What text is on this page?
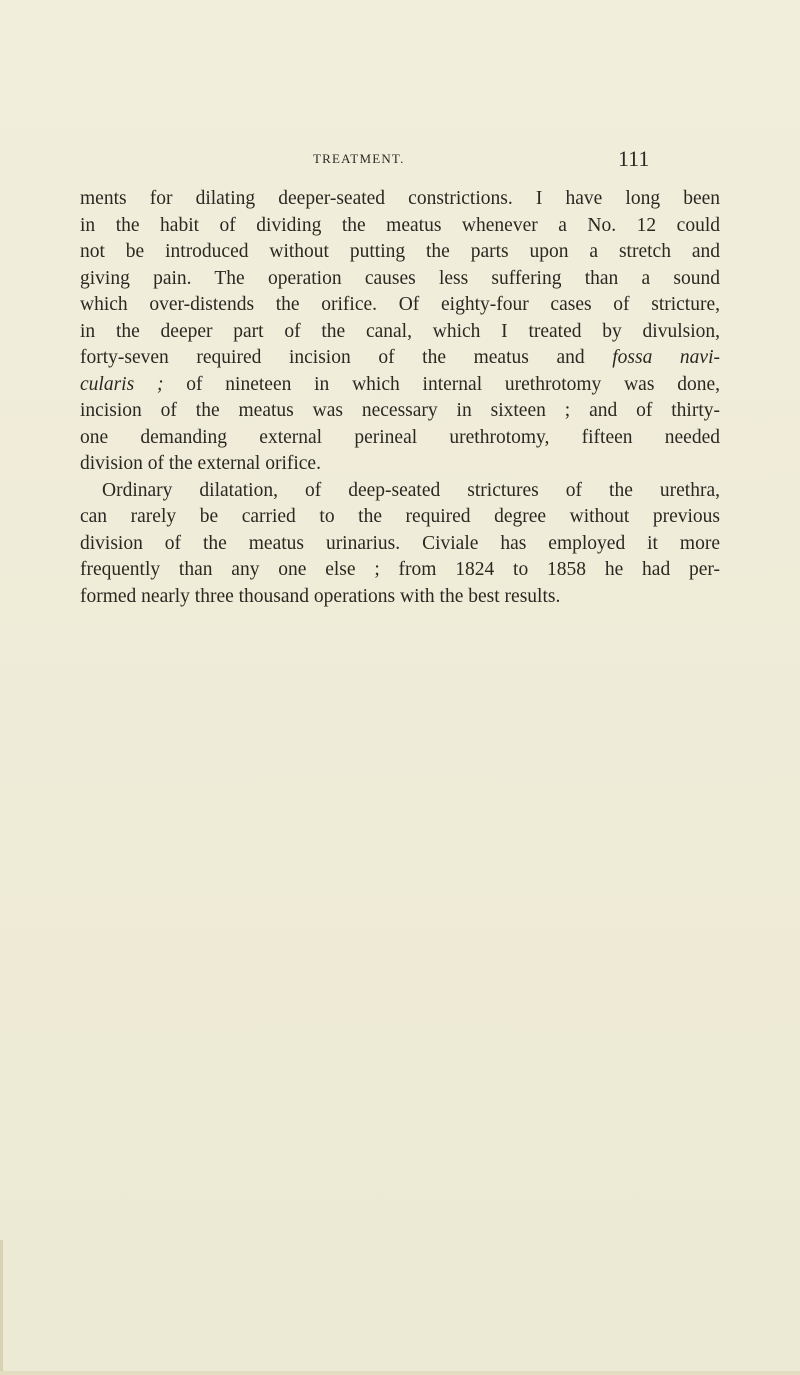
TREATMENT.	111
ments for dilating deeper-seated constrictions. I have long been
in the habit of dividing the meatus whenever a No. 12 could
not be introduced without putting the parts upon a stretch and
giving pain. The operation causes less suffering than a sound
which over-distends the orifice. Of eighty-four cases of stricture,
in the deeper part of the canal, which I treated by divulsion,
forty-seven required incision of the meatus and fossa navi-
cularis ; of nineteen in which internal urethrotomy was done,
incision of the meatus was necessary in sixteen ; and of thirty-
one demanding external perineal urethrotomy, fifteen needed
division of the external orifice.
Ordinary dilatation, of deep-seated strictures of the urethra,
can rarely be carried to the required degree without previous
division of the meatus urinarius. Civiale has employed it more
frequently than any one else ; from 1824 to 1858 he had per-
formed nearly three thousand operations with the best results.
